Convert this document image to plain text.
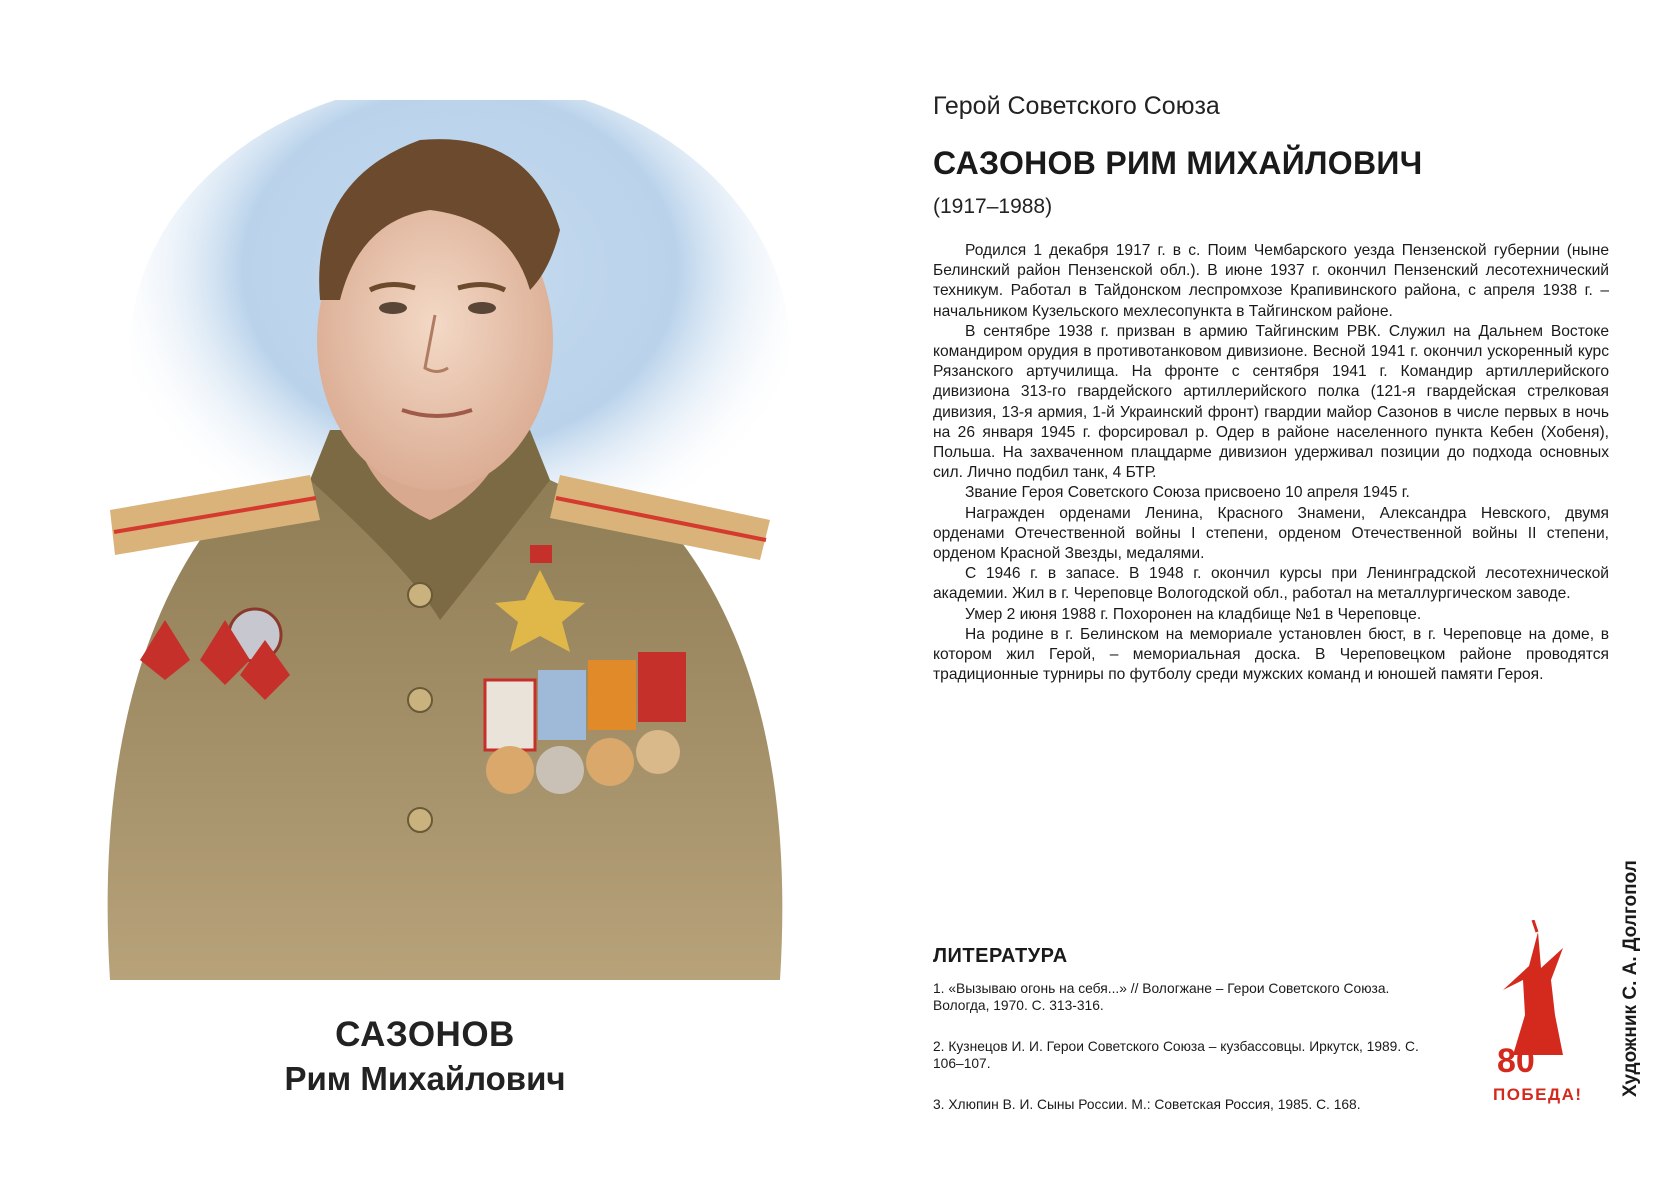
САЗОНОВ
Рим Михайлович
Герой Советского Союза
САЗОНОВ РИМ МИХАЙЛОВИЧ
(1917–1988)

Родился 1 декабря 1917 г. в с. Поим Чембарского уезда Пензенской губернии (ныне Белинский район Пензенской обл.). В июне 1937 г. окончил Пензенский лесотехнический техникум. Работал в Тайдонском леспромхозе Крапивинского района, с апреля 1938 г. – начальником Кузельского мехлесопункта в Тайгинском районе.

В сентябре 1938 г. призван в армию Тайгинским РВК. Служил на Дальнем Востоке командиром орудия в противотанковом дивизионе. Весной 1941 г. окончил ускоренный курс Рязанского артучилища. На фронте с сентября 1941 г. Командир артиллерийского дивизиона 313-го гвардейского артиллерийского полка (121-я гвардейская стрелковая дивизия, 13-я армия, 1-й Украинский фронт) гвардии майор Сазонов в числе первых в ночь на 26 января 1945 г. форсировал р. Одер в районе населенного пункта Кебен (Хобеня), Польша. На захваченном плацдарме дивизион удерживал позиции до подхода основных сил. Лично подбил танк, 4 БТР.

Звание Героя Советского Союза присвоено 10 апреля 1945 г.

Награжден орденами Ленина, Красного Знамени, Александра Невского, двумя орденами Отечественной войны I степени, орденом Отечественной войны II степени, орденом Красной Звезды, медалями.

С 1946 г. в запасе. В 1948 г. окончил курсы при Ленинградской лесотехнической академии. Жил в г. Череповце Вологодской обл., работал на металлургическом заводе.

Умер 2 июня 1988 г. Похоронен на кладбище №1 в Череповце.

На родине в г. Белинском на мемориале установлен бюст, в г. Череповце на доме, в котором жил Герой, – мемориальная доска. В Череповецком районе проводятся традиционные турниры по футболу среди мужских команд и юношей памяти Героя.

ЛИТЕРАТУРА
1. «Вызываю огонь на себя...» // Вологжане – Герои Советского Союза. Вологда, 1970. С. 313-316.
2. Кузнецов И. И. Герои Советского Союза – кузбассовцы. Иркутск, 1989. С. 106–107.
3. Хлюпин В. И. Сыны России. М.: Советская Россия, 1985. С. 168.
80
ПОБЕДА! Художник С. А. Долгопол
